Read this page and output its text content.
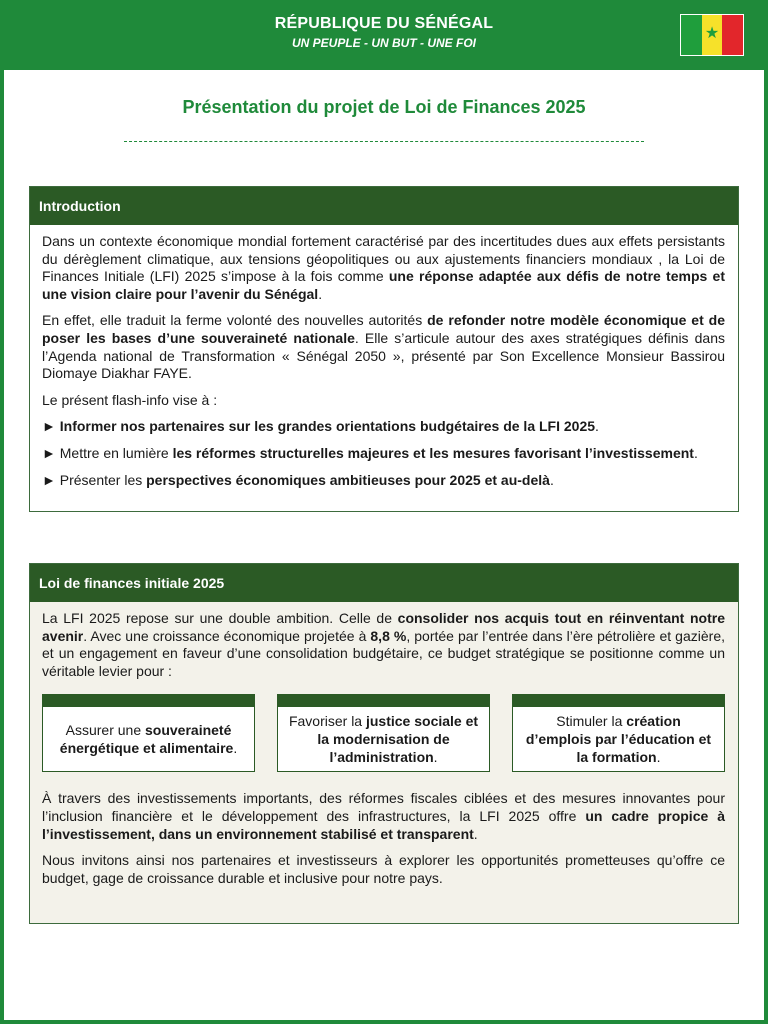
RÉPUBLIQUE DU SÉNÉGAL
UN PEUPLE - UN BUT - UNE FOI
★
Présentation du projet de Loi de Finances 2025
Introduction

Dans un contexte économique mondial fortement caractérisé par des incertitudes dues aux effets persistants du dérèglement climatique, aux tensions géopolitiques ou aux ajustements financiers mondiaux , la Loi de Finances Initiale (LFI) 2025 s’impose à la fois comme une réponse adaptée aux défis de notre temps et une vision claire pour l’avenir du Sénégal.

En effet, elle traduit la ferme volonté des nouvelles autorités de refonder notre modèle économique et de poser les bases d’une souveraineté nationale. Elle s’articule autour des axes stratégiques définis dans l’Agenda national de Transformation « Sénégal 2050 », présenté par Son Excellence Monsieur Bassirou Diomaye Diakhar FAYE.

Le présent flash-info vise à :

► Informer nos partenaires sur les grandes orientations budgétaires de la LFI 2025.
► Mettre en lumière les réformes structurelles majeures et les mesures favorisant l’investissement.
► Présenter les perspectives économiques ambitieuses pour 2025 et au-delà.
Loi de finances initiale 2025

La LFI 2025 repose sur une double ambition. Celle de consolider nos acquis tout en réinventant notre avenir. Avec une croissance économique projetée à 8,8 %, portée par l’entrée dans l’ère pétrolière et gazière, et un engagement en faveur d’une consolidation budgétaire, ce budget stratégique se positionne comme un véritable levier pour :

Assurer une souveraineté énergétique et alimentaire.
Favoriser la justice sociale et la modernisation de l’administration.
Stimuler la création d’emplois par l’éducation et la formation.

À travers des investissements importants, des réformes fiscales ciblées et des mesures innovantes pour l’inclusion financière et le développement des infrastructures, la LFI 2025 offre un cadre propice à l’investissement, dans un environnement stabilisé et transparent.

Nous invitons ainsi nos partenaires et investisseurs à explorer les opportunités prometteuses qu’offre ce budget, gage de croissance durable et inclusive pour notre pays.
